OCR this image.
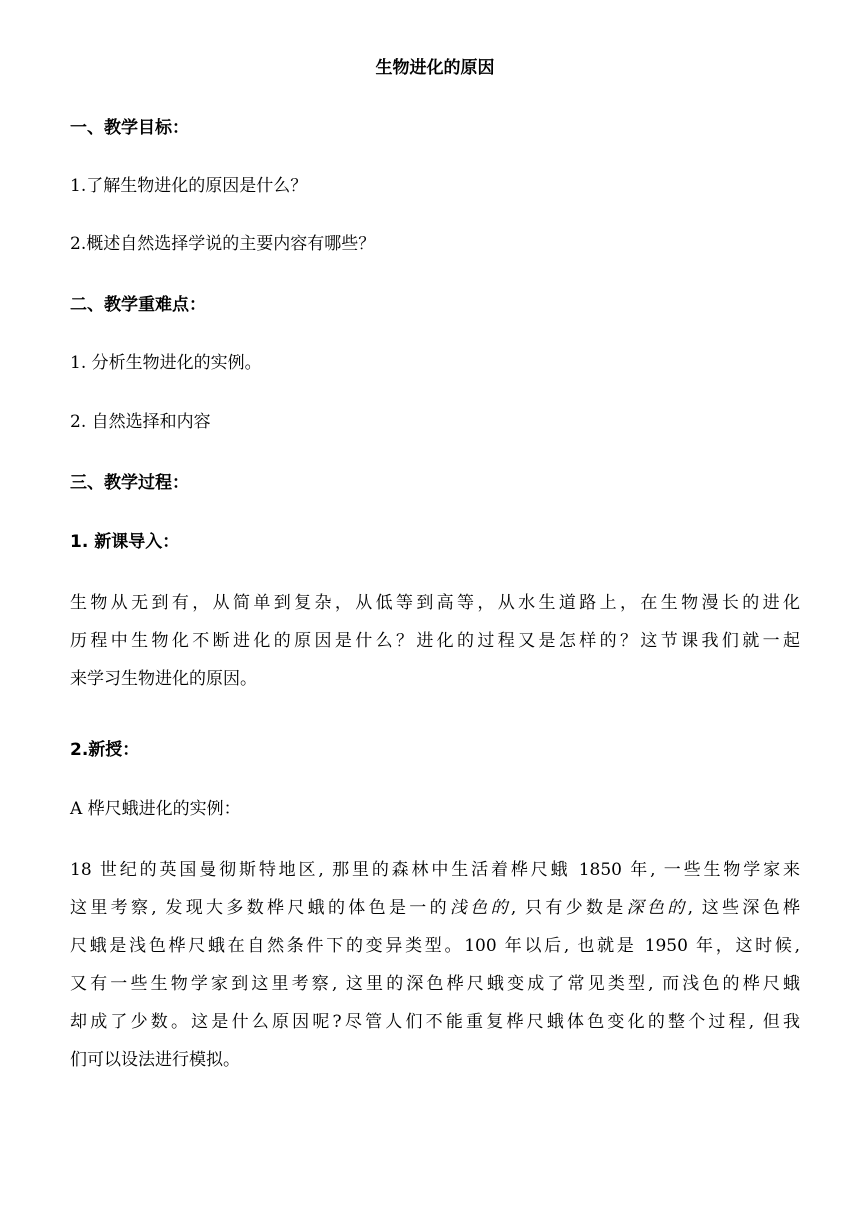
生物进化的原因
一、教学目标：
1.了解生物进化的原因是什么？
2.概述自然选择学说的主要内容有哪些？
二、教学重难点：
1. 分析生物进化的实例。
2. 自然选择和内容
三、教学过程：
1. 新课导入：
生物从无到有，从简单到复杂，从低等到高等，从水生道路上，在生物漫长的进化
历程中生物化不断进化的原因是什么？进化的过程又是怎样的？这节课我们就一起
来学习生物进化的原因。
2.新授：
A 桦尺蛾进化的实例：
18 世纪的英国曼彻斯特地区, 那里的森林中生活着桦尺蛾 1850 年, 一些生物学家来
这里考察, 发现大多数桦尺蛾的体色是一的浅色的, 只有少数是深色的, 这些深色桦
尺蛾是浅色桦尺蛾在自然条件下的变异类型。100 年以后, 也就是 1950 年，这时候,
又有一些生物学家到这里考察, 这里的深色桦尺蛾变成了常见类型, 而浅色的桦尺蛾
却成了少数。这是什么原因呢?尽管人们不能重复桦尺蛾体色变化的整个过程, 但我
们可以设法进行模拟。
